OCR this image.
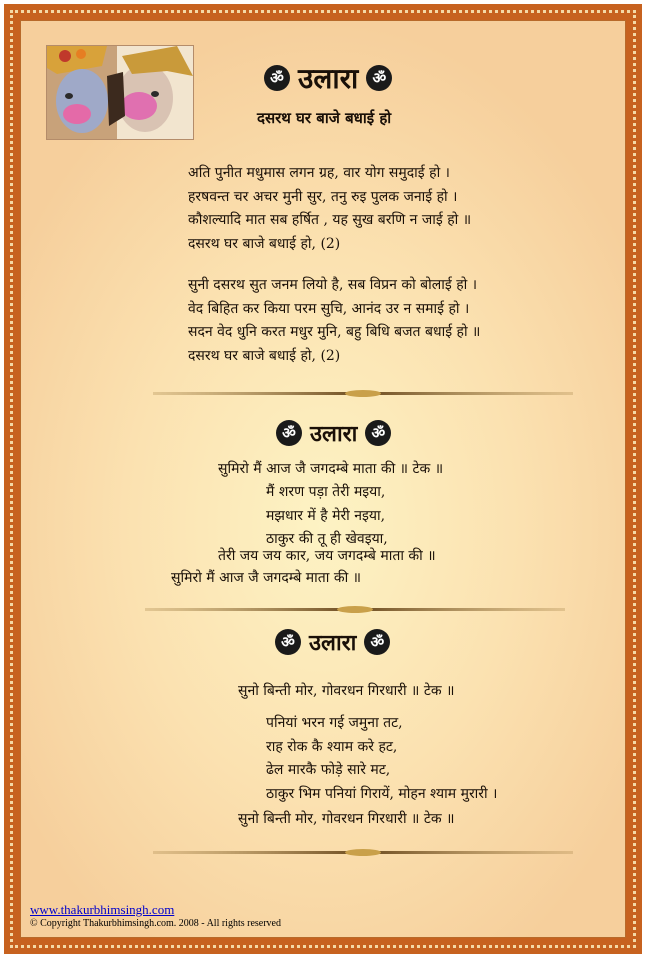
ॐ उलारा ॐ
दसरथ घर बाजे बधाई हो
अति पुनीत मधुमास लगन ग्रह, वार योग समुदाई हो ।
हरषवन्त चर अचर मुनी सुर, तनु रुइ पुलक जनाई हो ।
कौशल्यादि मात सब हर्षित , यह सुख बरणि न जाई हो ॥
दसरथ घर बाजे बधाई हो, (2)
सुनी दसरथ सुत जनम लियो है, सब विप्रन को बोलाई हो ।
वेद बिहित कर किया परम सुचि, आनंद उर न समाई हो ।
सदन वेद धुनि करत मधुर मुनि, बहु बिधि बजत बधाई हो ॥
दसरथ घर बाजे बधाई हो, (2)
ॐ उलारा ॐ
सुमिरो मैं आज जै जगदम्बे माता की ॥ टेक ॥
मैं शरण पड़ा तेरी मइया,
मझधार में है मेरी नइया,
ठाकुर की तू ही खेवइया,
तेरी जय जय कार, जय जगदम्बे माता की ॥
सुमिरो मैं आज जै जगदम्बे माता की ॥
ॐ उलारा ॐ
सुनो बिन्ती मोर, गोवरधन गिरधारी ॥ टेक ॥
पनियां भरन गई जमुना तट,
राह रोक कै श्याम करे हट,
ढेल मारकै फोड़े सारे मट,
ठाकुर भिम पनियां गिरायें, मोहन श्याम मुरारी ।
सुनो बिन्ती मोर, गोवरधन गिरधारी ॥ टेक ॥
www.thakurbhimsingh.com
© Copyright Thakurbhimsingh.com. 2008 - All rights reserved
